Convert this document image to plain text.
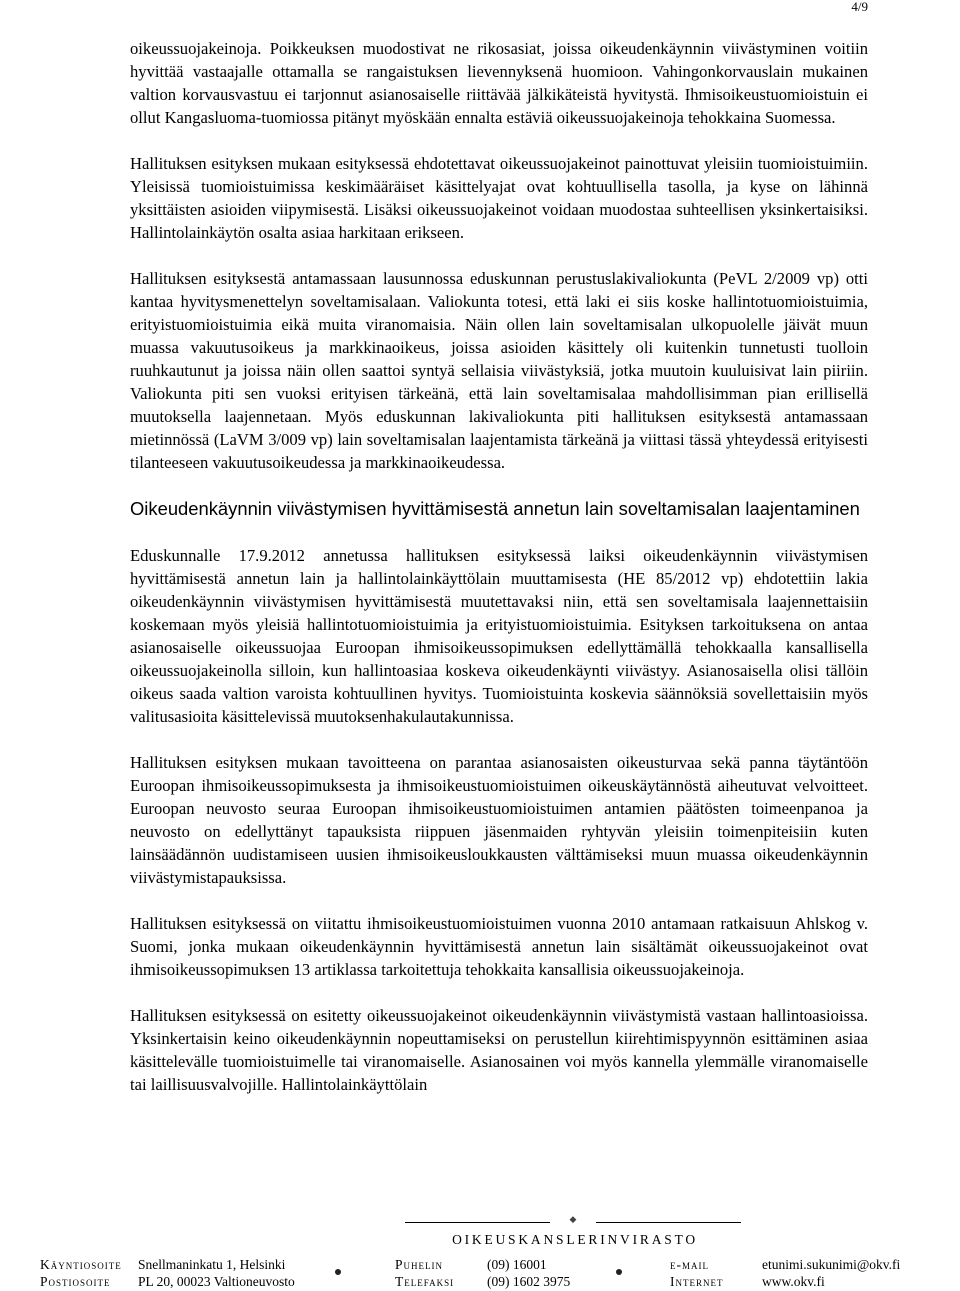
4/9

oikeussuojakeinoja. Poikkeuksen muodostivat ne rikosasiat, joissa oikeudenkäynnin viivästyminen voitiin hyvittää vastaajalle ottamalla se rangaistuksen lievennyksenä huomioon. Vahingonkorvauslain mukainen valtion korvausvastuu ei tarjonnut asianosaiselle riittävää jälkikäteistä hyvitystä. Ihmisoikeustuomioistuin ei ollut Kangasluoma-tuomiossa pitänyt myöskään ennalta estäviä oikeussuojakeinoja tehokkaina Suomessa.

Hallituksen esityksen mukaan esityksessä ehdotettavat oikeussuojakeinot painottuvat yleisiin tuomioistuimiin. Yleisissä tuomioistuimissa keskimääräiset käsittelyajat ovat kohtuullisella tasolla, ja kyse on lähinnä yksittäisten asioiden viipymisestä. Lisäksi oikeussuojakeinot voidaan muodostaa suhteellisen yksinkertaisiksi. Hallintolainkäytön osalta asiaa harkitaan erikseen.

Hallituksen esityksestä antamassaan lausunnossa eduskunnan perustuslakivaliokunta (PeVL 2/2009 vp) otti kantaa hyvitysmenettelyn soveltamisalaan. Valiokunta totesi, että laki ei siis koske hallintotuomioistuimia, erityistuomioistuimia eikä muita viranomaisia. Näin ollen lain soveltamisalan ulkopuolelle jäivät muun muassa vakuutusoikeus ja markkinaoikeus, joissa asioiden käsittely oli kuitenkin tunnetusti tuolloin ruuhkautunut ja joissa näin ollen saattoi syntyä sellaisia viivästyksiä, jotka muutoin kuuluisivat lain piiriin. Valiokunta piti sen vuoksi erityisen tärkeänä, että lain soveltamisalaa mahdollisimman pian erillisellä muutoksella laajennetaan. Myös eduskunnan lakivaliokunta piti hallituksen esityksestä antamassaan mietinnössä (LaVM 3/009 vp) lain soveltamisalan laajentamista tärkeänä ja viittasi tässä yhteydessä erityisesti tilanteeseen vakuutusoikeudessa ja markkinaoikeudessa.

Oikeudenkäynnin viivästymisen hyvittämisestä annetun lain soveltamisalan laajentaminen

Eduskunnalle 17.9.2012 annetussa hallituksen esityksessä laiksi oikeudenkäynnin viivästymisen hyvittämisestä annetun lain ja hallintolainkäyttölain muuttamisesta (HE 85/2012 vp) ehdotettiin lakia oikeudenkäynnin viivästymisen hyvittämisestä muutettavaksi niin, että sen soveltamisala laajennettaisiin koskemaan myös yleisiä hallintotuomioistuimia ja erityistuomioistuimia. Esityksen tarkoituksena on antaa asianosaiselle oikeussuojaa Euroopan ihmisoikeussopimuksen edellyttämällä tehokkaalla kansallisella oikeussuojakeinolla silloin, kun hallintoasiaa koskeva oikeudenkäynti viivästyy. Asianosaisella olisi tällöin oikeus saada valtion varoista kohtuullinen hyvitys. Tuomioistuinta koskevia säännöksiä sovellettaisiin myös valitusasioita käsittelevissä muutoksenhakulautakunnissa.

Hallituksen esityksen mukaan tavoitteena on parantaa asianosaisten oikeusturvaa sekä panna täytäntöön Euroopan ihmisoikeussopimuksesta ja ihmisoikeustuomioistuimen oikeuskäytännöstä aiheutuvat velvoitteet. Euroopan neuvosto seuraa Euroopan ihmisoikeustuomioistuimen antamien päätösten toimeenpanoa ja neuvosto on edellyttänyt tapauksista riippuen jäsenmaiden ryhtyvän yleisiin toimenpiteisiin kuten lainsäädännön uudistamiseen uusien ihmisoikeusloukkausten välttämiseksi muun muassa oikeudenkäynnin viivästymistapauksissa.

Hallituksen esityksessä on viitattu ihmisoikeustuomioistuimen vuonna 2010 antamaan ratkaisuun Ahlskog v. Suomi, jonka mukaan oikeudenkäynnin hyvittämisestä annetun lain sisältämät oikeussuojakeinot ovat ihmisoikeussopimuksen 13 artiklassa tarkoitettuja tehokkaita kansallisia oikeussuojakeinoja.

Hallituksen esityksessä on esitetty oikeussuojakeinot oikeudenkäynnin viivästymistä vastaan hallintoasioissa. Yksinkertaisin keino oikeudenkäynnin nopeuttamiseksi on perustellun kiirehtimispyynnön esittäminen asiaa käsittelevälle tuomioistuimelle tai viranomaiselle. Asianosainen voi myös kannella ylemmälle viranomaiselle tai laillisuusvalvojille. Hallintolainkäyttölain

◆
OIKEUSKANSLERINVIRASTO
Käyntiosoite Snellmaninkatu 1, Helsinki	Puhelin	(09) 16001	e-mail	etunimi.sukunimi@okv.fi
Postiosoite PL 20, 00023 Valtioneuvosto	Telefaksi (09) 1602 3975	Internet	www.okv.fi
